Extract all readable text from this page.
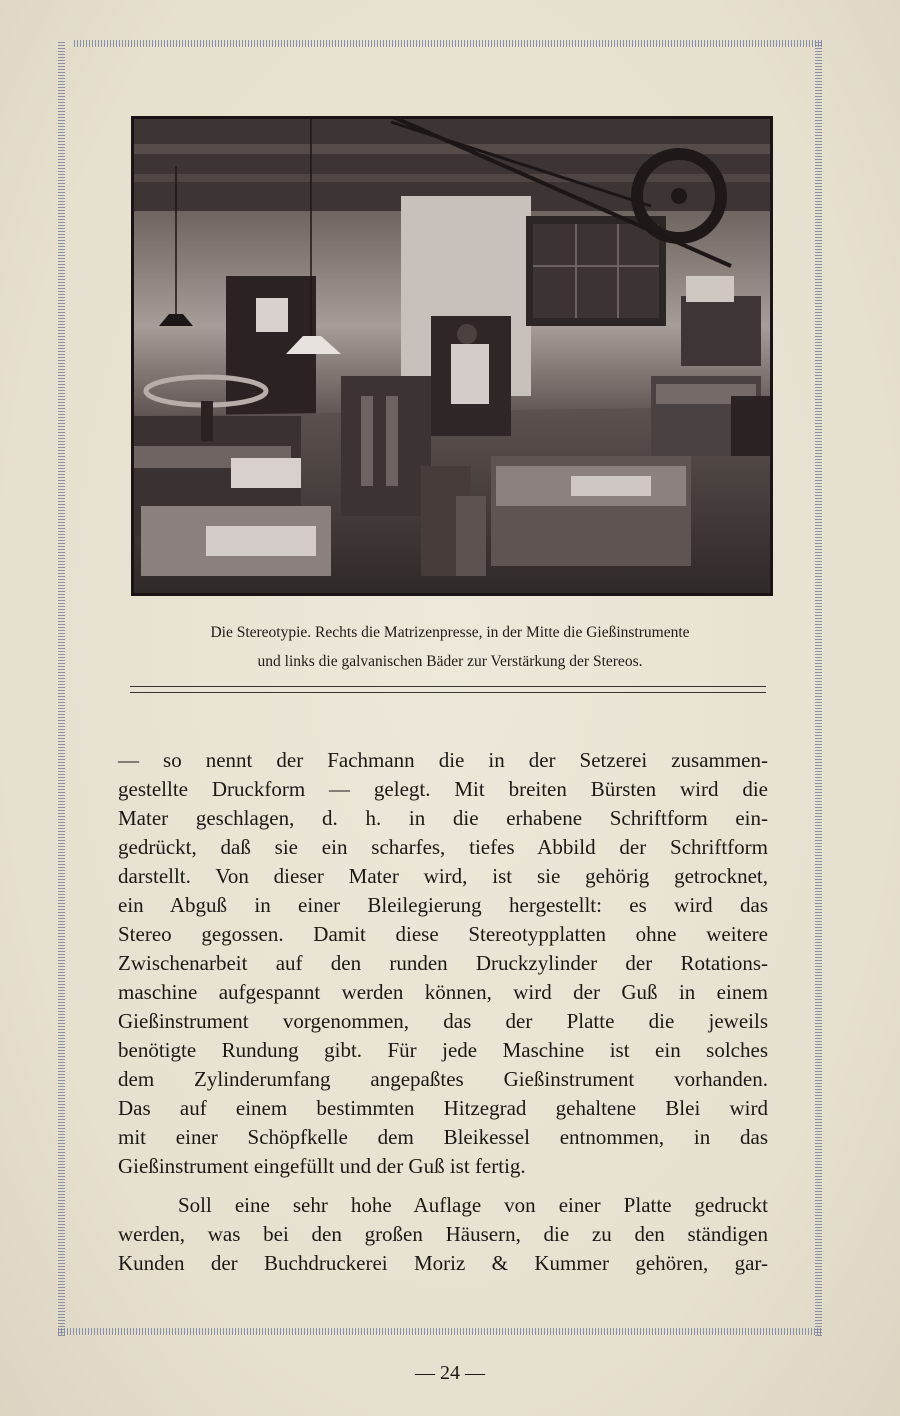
Die Stereotypie. Rechts die Matrizenpresse, in der Mitte die Gießinstrumente
und links die galvanischen Bäder zur Verstärkung der Stereos.
— so nennt der Fachmann die in der Setzerei zusammen-
gestellte Druckform — gelegt. Mit breiten Bürsten wird die
Mater geschlagen, d. h. in die erhabene Schriftform ein-
gedrückt, daß sie ein scharfes, tiefes Abbild der Schriftform
darstellt. Von dieser Mater wird, ist sie gehörig getrocknet,
ein Abguß in einer Bleilegierung hergestellt: es wird das
Stereo gegossen. Damit diese Stereotypplatten ohne weitere
Zwischenarbeit auf den runden Druckzylinder der Rotations-
maschine aufgespannt werden können, wird der Guß in einem
Gießinstrument vorgenommen, das der Platte die jeweils
benötigte Rundung gibt. Für jede Maschine ist ein solches
dem Zylinderumfang angepaßtes Gießinstrument vorhanden.
Das auf einem bestimmten Hitzegrad gehaltene Blei wird
mit einer Schöpfkelle dem Bleikessel entnommen, in das
Gießinstrument eingefüllt und der Guß ist fertig.
Soll eine sehr hohe Auflage von einer Platte gedruckt
werden, was bei den großen Häusern, die zu den ständigen
Kunden der Buchdruckerei Moriz & Kummer gehören, gar-
— 24 —
